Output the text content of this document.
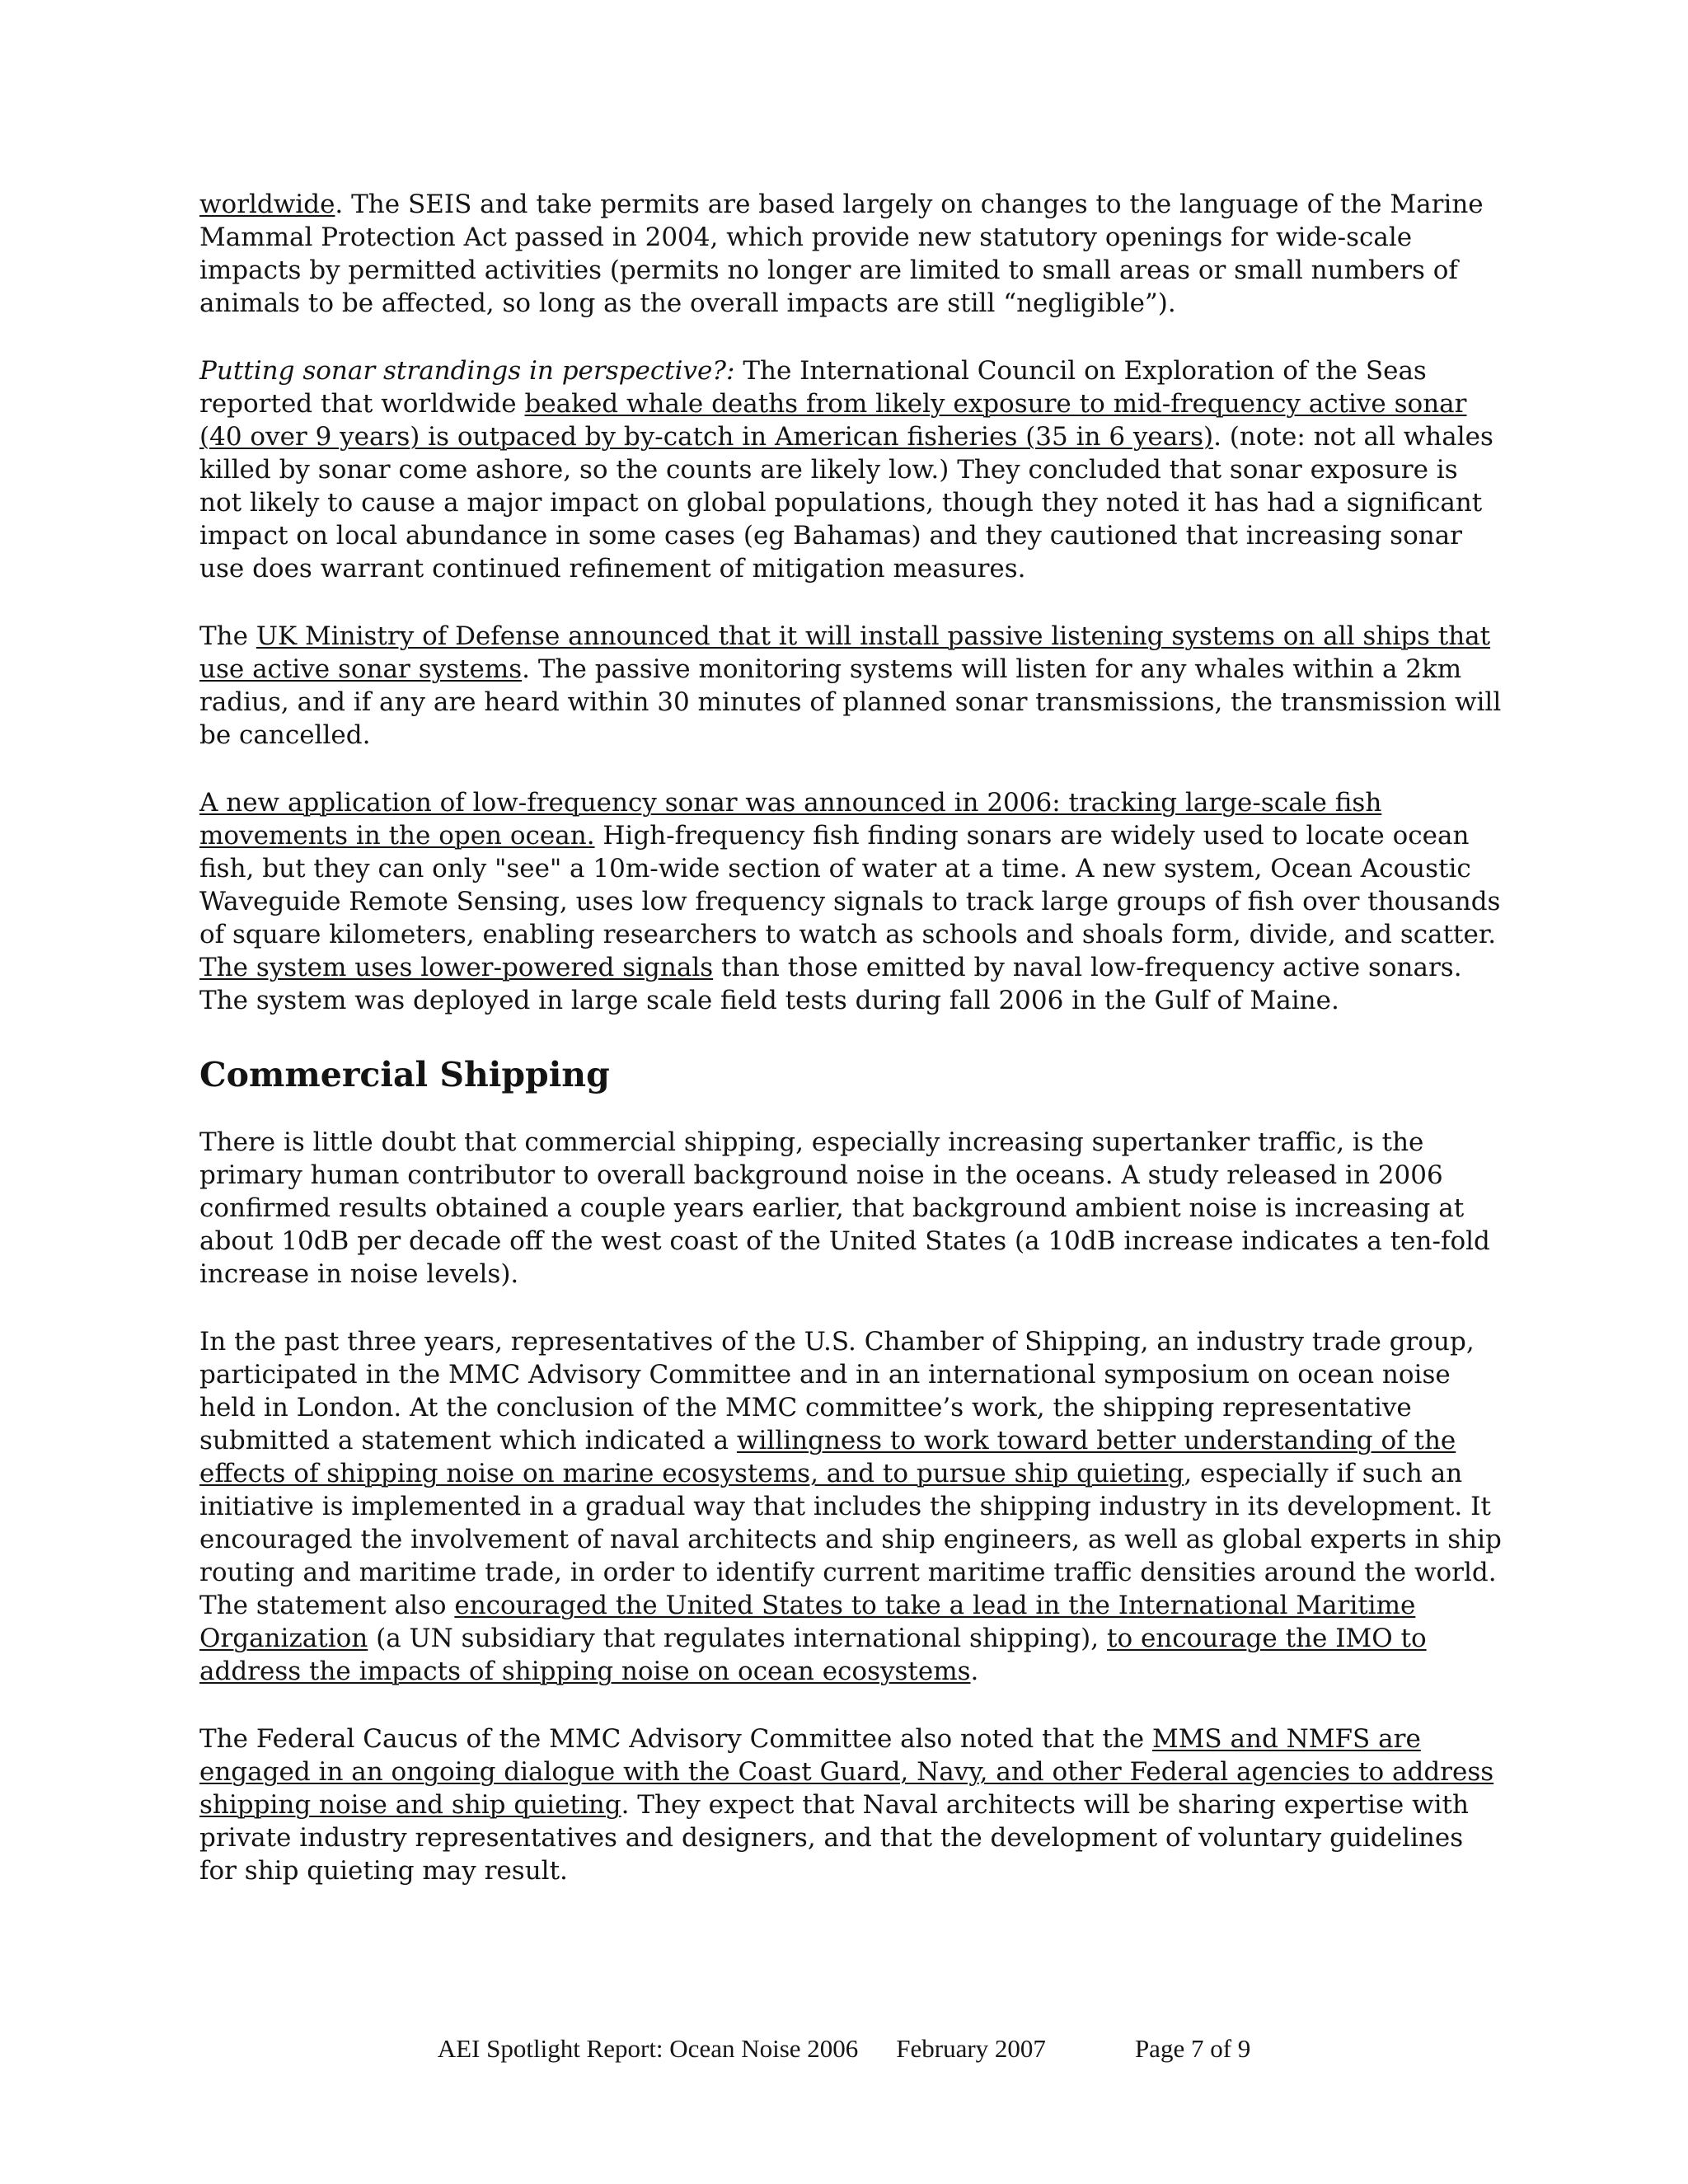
worldwide. The SEIS and take permits are based largely on changes to the language of the Marine Mammal Protection Act passed in 2004, which provide new statutory openings for wide-scale impacts by permitted activities (permits no longer are limited to small areas or small numbers of animals to be affected, so long as the overall impacts are still “negligible”).

Putting sonar strandings in perspective?: The International Council on Exploration of the Seas reported that worldwide beaked whale deaths from likely exposure to mid-frequency active sonar (40 over 9 years) is outpaced by by-catch in American fisheries (35 in 6 years). (note: not all whales killed by sonar come ashore, so the counts are likely low.) They concluded that sonar exposure is not likely to cause a major impact on global populations, though they noted it has had a significant impact on local abundance in some cases (eg Bahamas) and they cautioned that increasing sonar use does warrant continued refinement of mitigation measures.

The UK Ministry of Defense announced that it will install passive listening systems on all ships that use active sonar systems. The passive monitoring systems will listen for any whales within a 2km radius, and if any are heard within 30 minutes of planned sonar transmissions, the transmission will be cancelled.

A new application of low-frequency sonar was announced in 2006: tracking large-scale fish movements in the open ocean. High-frequency fish finding sonars are widely used to locate ocean fish, but they can only "see" a 10m-wide section of water at a time. A new system, Ocean Acoustic Waveguide Remote Sensing, uses low frequency signals to track large groups of fish over thousands of square kilometers, enabling researchers to watch as schools and shoals form, divide, and scatter. The system uses lower-powered signals than those emitted by naval low-frequency active sonars. The system was deployed in large scale field tests during fall 2006 in the Gulf of Maine.

Commercial Shipping

There is little doubt that commercial shipping, especially increasing supertanker traffic, is the primary human contributor to overall background noise in the oceans. A study released in 2006 confirmed results obtained a couple years earlier, that background ambient noise is increasing at about 10dB per decade off the west coast of the United States (a 10dB increase indicates a ten-fold increase in noise levels).

In the past three years, representatives of the U.S. Chamber of Shipping, an industry trade group, participated in the MMC Advisory Committee and in an international symposium on ocean noise held in London. At the conclusion of the MMC committee’s work, the shipping representative submitted a statement which indicated a willingness to work toward better understanding of the effects of shipping noise on marine ecosystems, and to pursue ship quieting, especially if such an initiative is implemented in a gradual way that includes the shipping industry in its development. It encouraged the involvement of naval architects and ship engineers, as well as global experts in ship routing and maritime trade, in order to identify current maritime traffic densities around the world. The statement also encouraged the United States to take a lead in the International Maritime Organization (a UN subsidiary that regulates international shipping), to encourage the IMO to address the impacts of shipping noise on ocean ecosystems.

The Federal Caucus of the MMC Advisory Committee also noted that the MMS and NMFS are engaged in an ongoing dialogue with the Coast Guard, Navy, and other Federal agencies to address shipping noise and ship quieting. They expect that Naval architects will be sharing expertise with private industry representatives and designers, and that the development of voluntary guidelines for ship quieting may result.

AEI Spotlight Report: Ocean Noise 2006 February 2007	Page 7 of 9
